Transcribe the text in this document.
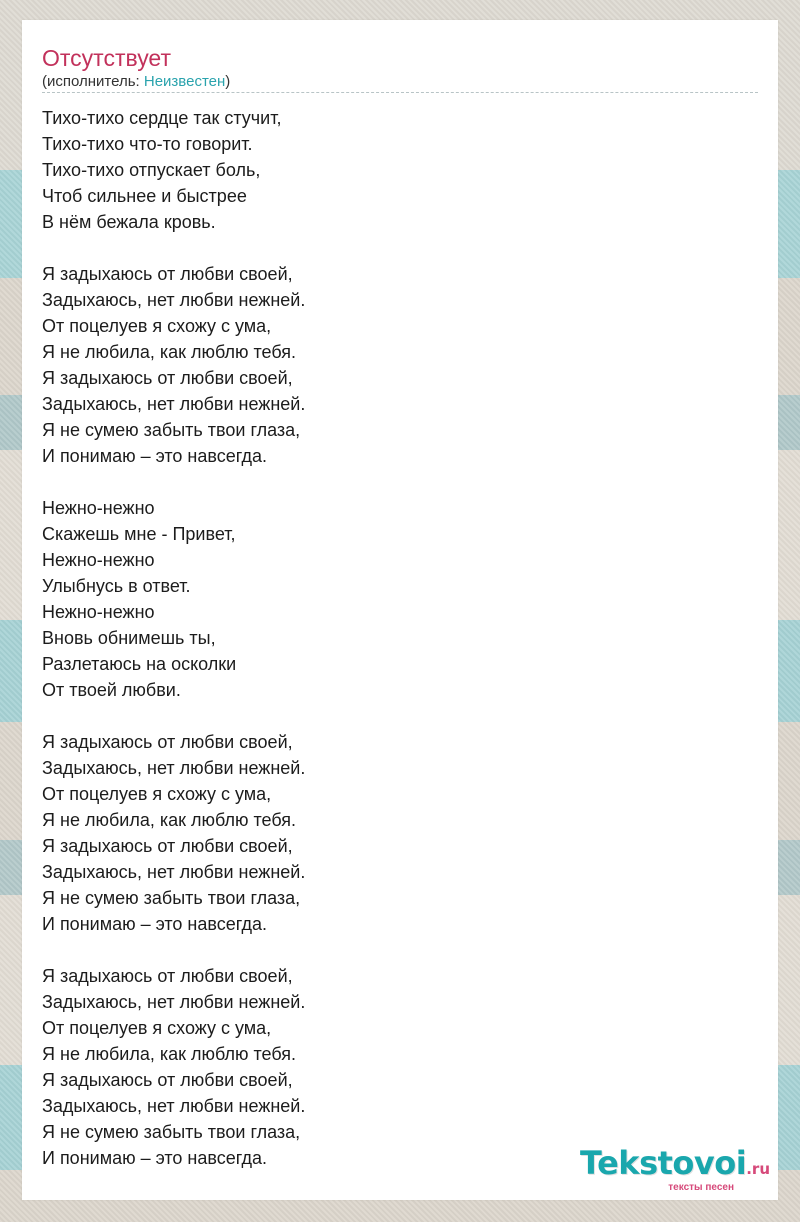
Отсутствует
(исполнитель: Неизвестен)
Тихо-тихо сердце так стучит,
Тихо-тихо что-то говорит.
Тихо-тихо отпускает боль,
Чтоб сильнее и быстрее
В нём бежала кровь.
Я задыхаюсь от любви своей,
Задыхаюсь, нет любви нежней.
От поцелуев я схожу с ума,
Я не любила, как люблю тебя.
Я задыхаюсь от любви своей,
Задыхаюсь, нет любви нежней.
Я не сумею забыть твои глаза,
И понимаю – это навсегда.
Нежно-нежно
Скажешь мне - Привет,
Нежно-нежно
Улыбнусь в ответ.
Нежно-нежно
Вновь обнимешь ты,
Разлетаюсь на осколки
От твоей любви.
Я задыхаюсь от любви своей,
Задыхаюсь, нет любви нежней.
От поцелуев я схожу с ума,
Я не любила, как люблю тебя.
Я задыхаюсь от любви своей,
Задыхаюсь, нет любви нежней.
Я не сумею забыть твои глаза,
И понимаю – это навсегда.
Я задыхаюсь от любви своей,
Задыхаюсь, нет любви нежней.
От поцелуев я схожу с ума,
Я не любила, как люблю тебя.
Я задыхаюсь от любви своей,
Задыхаюсь, нет любви нежней.
Я не сумею забыть твои глаза,
И понимаю – это навсегда.	Tekstovoi.ru
тексты песен
